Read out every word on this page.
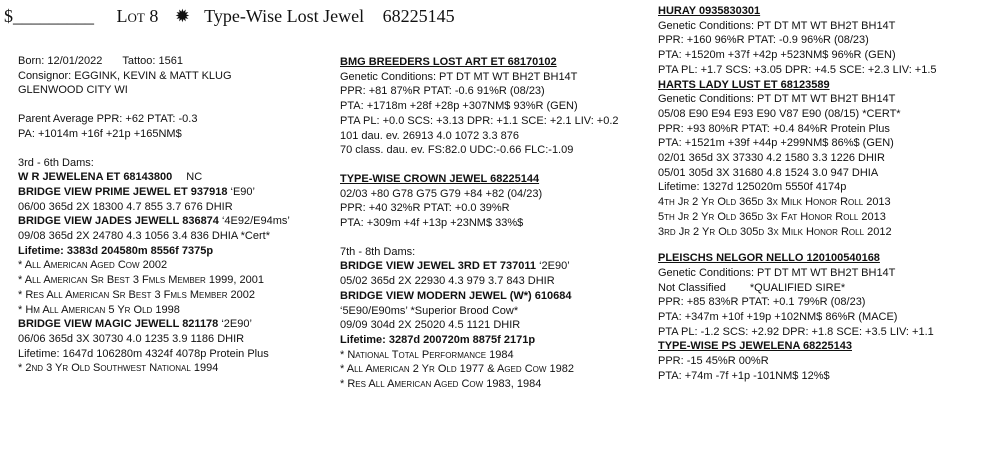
$_________ Lot 8 ✹ Type-Wise Lost Jewel 68225145
Born: 12/01/2022 Tattoo: 1561
Consignor: EGGINK, KEVIN & MATT KLUG
GLENWOOD CITY WI
Parent Average PPR: +62 PTAT: -0.3
PA: +1014m +16f +21p +165NM$
3rd - 6th Dams:
W R JEWELENA ET 68143800 NC
BRIDGE VIEW PRIME JEWEL ET 937918 ‘E90’
06/00 365d 2X 18300 4.7 855 3.7 676 DHIR
BRIDGE VIEW JADES JEWELL 836874 ‘4E92/E94ms’
09/08 365d 2X 24780 4.3 1056 3.4 836 DHIA *Cert*
Lifetime: 3383d 204580m 8556f 7375p
* All American Aged Cow 2002
* All American Sr Best 3 Fmls Member 1999, 2001
* Res All American Sr Best 3 Fmls Member 2002
* Hm All American 5 Yr Old 1998
BRIDGE VIEW MAGIC JEWELL 821178 ‘2E90’
06/06 365d 3X 30730 4.0 1235 3.9 1186 DHIR
Lifetime: 1647d 106280m 4324f 4078p Protein Plus
* 2nd 3 Yr Old Southwest National 1994
BMG BREEDERS LOST ART ET 68170102
Genetic Conditions: PT DT MT WT BH2T BH14T
PPR: +81 87%R PTAT: -0.6 91%R (08/23)
PTA: +1718m +28f +28p +307NM$ 93%R (GEN)
PTA PL: +0.0 SCS: +3.13 DPR: +1.1 SCE: +2.1 LIV: +0.2
101 dau. ev. 26913 4.0 1072 3.3 876
70 class. dau. ev. FS:82.0 UDC:-0.66 FLC:-1.09
TYPE-WISE CROWN JEWEL 68225144
02/03 +80 G78 G75 G79 +84 +82 (04/23)
PPR: +40 32%R PTAT: +0.0 39%R
PTA: +309m +4f +13p +23NM$ 33%$
7th - 8th Dams:
BRIDGE VIEW JEWEL 3RD ET 737011 ‘2E90’
05/02 365d 2X 22930 4.3 979 3.7 843 DHIR
BRIDGE VIEW MODERN JEWEL (W*) 610684
‘5E90/E90ms’ *Superior Brood Cow*
09/09 304d 2X 25020 4.5 1121 DHIR
Lifetime: 3287d 200720m 8875f 2171p
* National Total Performance 1984
* All American 2 Yr Old 1977 & Aged Cow 1982
* Res All American Aged Cow 1983, 1984
HURAY 0935830301
Genetic Conditions: PT DT MT WT BH2T BH14T
PPR: +160 96%R PTAT: -0.9 96%R (08/23)
PTA: +1520m +37f +42p +523NM$ 96%R (GEN)
PTA PL: +1.7 SCS: +3.05 DPR: +4.5 SCE: +2.3 LIV: +1.5
HARTS LADY LUST ET 68123589
Genetic Conditions: PT DT MT WT BH2T BH14T
05/08 E90 E94 E93 E90 V87 E90 (08/15) *CERT*
PPR: +93 80%R PTAT: +0.4 84%R Protein Plus
PTA: +1521m +39f +44p +299NM$ 86%$ (GEN)
02/01 365d 3X 37330 4.2 1580 3.3 1226 DHIR
05/01 305d 3X 31680 4.8 1524 3.0 947 DHIA
Lifetime: 1327d 125020m 5550f 4174p
4th Jr 2 Yr Old 365d 3x Milk Honor Roll 2013
5th Jr 2 Yr Old 365d 3x Fat Honor Roll 2013
3rd Jr 2 Yr Old 305d 3x Milk Honor Roll 2012
PLEISCHS NELGOR NELLO 120100540168
Genetic Conditions: PT DT MT WT BH2T BH14T
Not Classified *QUALIFIED SIRE*
PPR: +85 83%R PTAT: +0.1 79%R (08/23)
PTA: +347m +10f +19p +102NM$ 86%R (MACE)
PTA PL: -1.2 SCS: +2.92 DPR: +1.8 SCE: +3.5 LIV: +1.1
TYPE-WISE PS JEWELENA 68225143
PPR: -15 45%R 00%R
PTA: +74m -7f +1p -101NM$ 12%$
